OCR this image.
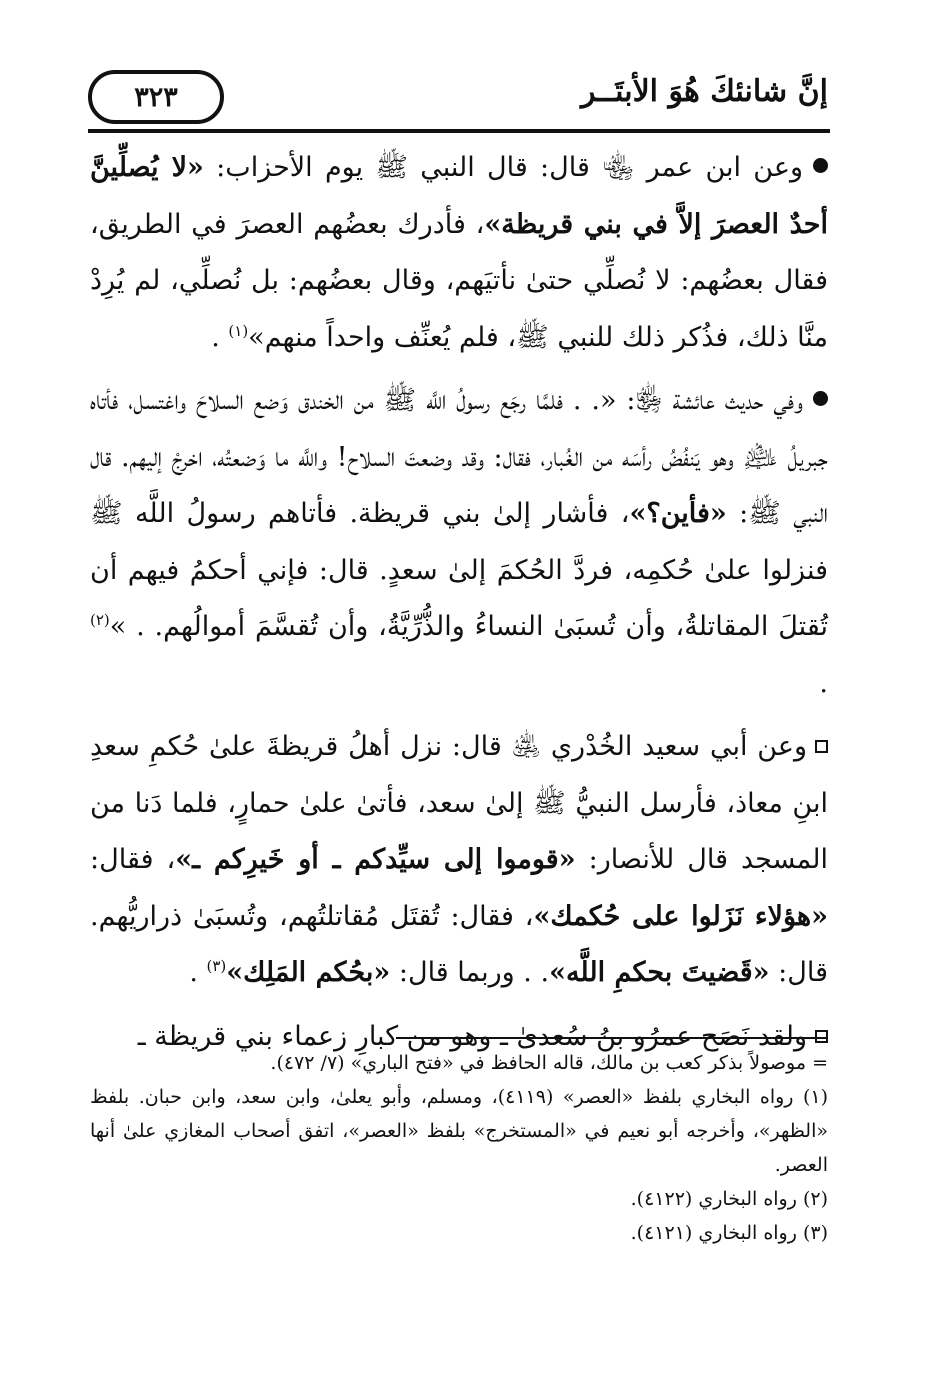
٣٢٣	إنَّ شانئكَ هُوَ الأبتَــر

وعن ابن عمر ﵄ قال: قال النبي ﷺ يوم الأحزاب: «لا يُصلِّينَّ أحدٌ العصرَ إلاَّ في بني قريظة»، فأدرك بعضُهم العصرَ في الطريق، فقال بعضُهم: لا نُصلِّي حتىٰ نأتيَهم، وقال بعضُهم: بل نُصلِّي، لم يُرِدْ منَّا ذلك، فذُكر ذلك للنبي ﷺ، فلم يُعنِّف واحداً منهم»$^{(١)}$ .

وفي حديث عائشة ﵂: «. . فلمَّا رجَع رسولُ اللَّه ﷺ من الخندق وَضع السلاحَ واغتسل، فأتاه جبريلُ ﵇ وهو يَنفُضُ رأسَه من الغُبار، فقال: وقد وضعتَ السلاح! واللَّه ما وَضعتُه، اخرجْ إليهم. قال النبي ﷺ: «فأين؟»، فأشار إلىٰ بني قريظة. فأتاهم رسولُ اللَّه ﷺ فنزلوا علىٰ حُكمِه، فردَّ الحُكمَ إلىٰ سعدٍ. قال: فإني أحكمُ فيهم أن تُقتلَ المقاتلةُ، وأن تُسبَىٰ النساءُ والذُّرِّيَّةُ، وأن تُقسَّمَ أموالُهم. . »$^{(٢)}$ .

وعن أبي سعيد الخُدْري ﵁ قال: نزل أهلُ قريظةَ علىٰ حُكمِ سعدِ ابنِ معاذ، فأرسل النبيُّ ﷺ إلىٰ سعد، فأتىٰ علىٰ حمارٍ، فلما دَنا من المسجد قال للأنصار: «قوموا إلى سيِّدكم ـ أو خَيرِكم ـ»، فقال: «هؤلاء نَزَلوا على حُكمك»، فقال: تُقتَل مُقاتلتُهم، وتُسبَىٰ ذراريُّهم. قال: «قَضيتَ بحكمِ اللَّه». . وربما قال: «بحُكم المَلِك»$^{(٣)}$ .

ولقد نَصَح عمرُو بنُ سُعدىٰ ـ وهو من كبارِ زعماء بني قريظة ـ

= موصولاً بذكر كعب بن مالك، قاله الحافظ في «فتح الباري» (٧/ ٤٧٢).

(١) رواه البخاري بلفظ «العصر» (٤١١٩)، ومسلم، وأبو يعلىٰ، وابن سعد، وابن حبان. بلفظ «الظهر»، وأخرجه أبو نعيم في «المستخرج» بلفظ «العصر»، اتفق أصحاب المغازي علىٰ أنها العصر.

(٢) رواه البخاري (٤١٢٢).

(٣) رواه البخاري (٤١٢١).
